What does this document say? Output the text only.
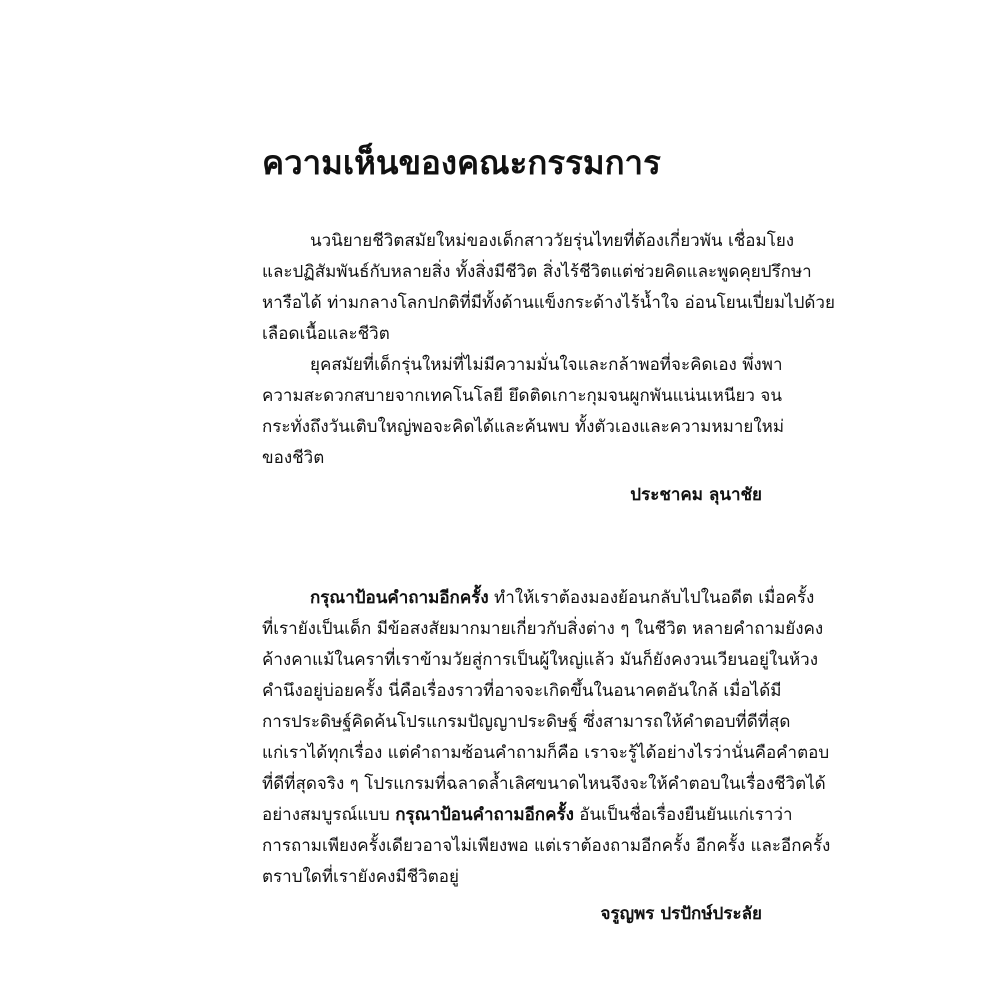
ความเห็นของคณะกรรมการ
นวนิยายชีวิตสมัยใหม่ของเด็กสาววัยรุ่นไทยที่ต้องเกี่ยวพัน เชื่อมโยง
และปฏิสัมพันธ์กับหลายสิ่ง ทั้งสิ่งมีชีวิต สิ่งไร้ชีวิตแต่ช่วยคิดและพูดคุยปรึกษา
หารือได้ ท่ามกลางโลกปกติที่มีทั้งด้านแข็งกระด้างไร้น้ำใจ อ่อนโยนเปี่ยมไปด้วย
เลือดเนื้อและชีวิต
ยุคสมัยที่เด็กรุ่นใหม่ที่ไม่มีความมั่นใจและกล้าพอที่จะคิดเอง พึ่งพา
ความสะดวกสบายจากเทคโนโลยี ยึดติดเกาะกุมจนผูกพันแน่นเหนียว จน
กระทั่งถึงวันเติบใหญ่พอจะคิดได้และค้นพบ ทั้งตัวเองและความหมายใหม่
ของชีวิต
ประชาคม ลุนาชัย
กรุณาป้อนคำถามอีกครั้ง ทำให้เราต้องมองย้อนกลับไปในอดีต เมื่อครั้ง
ที่เรายังเป็นเด็ก มีข้อสงสัยมากมายเกี่ยวกับสิ่งต่าง ๆ ในชีวิต หลายคำถามยังคง
ค้างคาแม้ในคราที่เราข้ามวัยสู่การเป็นผู้ใหญ่แล้ว มันก็ยังคงวนเวียนอยู่ในห้วง
คำนึงอยู่บ่อยครั้ง นี่คือเรื่องราวที่อาจจะเกิดขึ้นในอนาคตอันใกล้ เมื่อได้มี
การประดิษฐ์คิดค้นโปรแกรมปัญญาประดิษฐ์ ซึ่งสามารถให้คำตอบที่ดีที่สุด
แก่เราได้ทุกเรื่อง แต่คำถามซ้อนคำถามก็คือ เราจะรู้ได้อย่างไรว่านั่นคือคำตอบ
ที่ดีที่สุดจริง ๆ โปรแกรมที่ฉลาดล้ำเลิศขนาดไหนจึงจะให้คำตอบในเรื่องชีวิตได้
อย่างสมบูรณ์แบบ กรุณาป้อนคำถามอีกครั้ง อันเป็นชื่อเรื่องยืนยันแก่เราว่า
การถามเพียงครั้งเดียวอาจไม่เพียงพอ แต่เราต้องถามอีกครั้ง อีกครั้ง และอีกครั้ง
ตราบใดที่เรายังคงมีชีวิตอยู่
จรูญพร ปรปักษ์ประลัย
